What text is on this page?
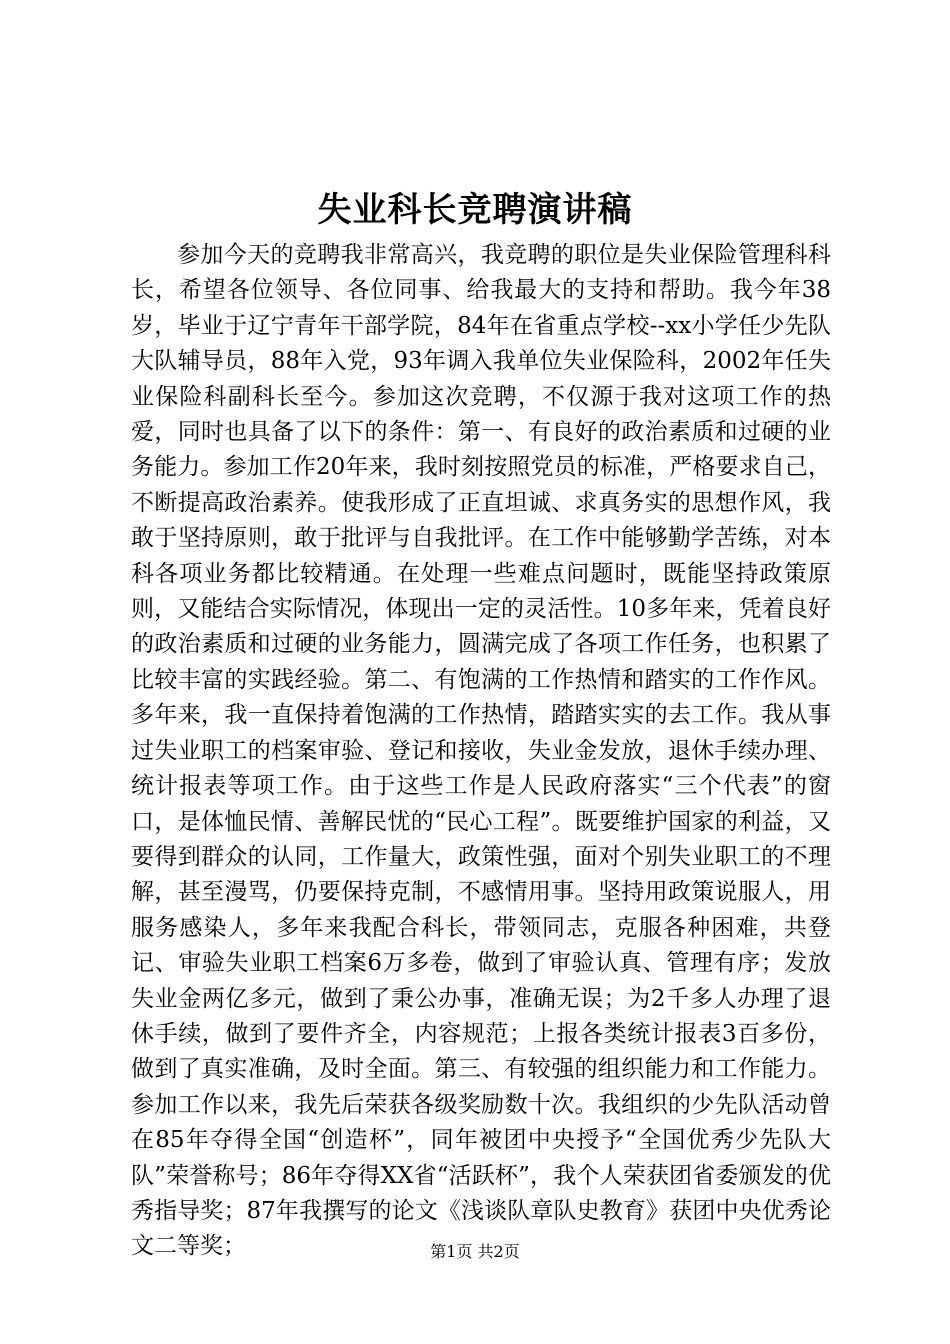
失业科长竞聘演讲稿

参加今天的竞聘我非常高兴，我竞聘的职位是失业保险管理科科长，希望各位领导、各位同事、给我最大的支持和帮助。我今年38岁，毕业于辽宁青年干部学院，84年在省重点学校--xx小学任少先队大队辅导员，88年入党，93年调入我单位失业保险科，2002年任失业保险科副科长至今。参加这次竞聘，不仅源于我对这项工作的热爱，同时也具备了以下的条件：第一、有良好的政治素质和过硬的业务能力。参加工作20年来，我时刻按照党员的标准，严格要求自己，不断提高政治素养。使我形成了正直坦诚、求真务实的思想作风，我敢于坚持原则，敢于批评与自我批评。在工作中能够勤学苦练，对本科各项业务都比较精通。在处理一些难点问题时，既能坚持政策原则，又能结合实际情况，体现出一定的灵活性。10多年来，凭着良好的政治素质和过硬的业务能力，圆满完成了各项工作任务，也积累了比较丰富的实践经验。第二、有饱满的工作热情和踏实的工作作风。多年来，我一直保持着饱满的工作热情，踏踏实实的去工作。我从事过失业职工的档案审验、登记和接收，失业金发放，退休手续办理、统计报表等项工作。由于这些工作是人民政府落实“三个代表”的窗口，是体恤民情、善解民忧的“民心工程”。既要维护国家的利益，又要得到群众的认同，工作量大，政策性强，面对个别失业职工的不理解，甚至漫骂，仍要保持克制，不感情用事。坚持用政策说服人，用服务感染人，多年来我配合科长，带领同志，克服各种困难，共登记、审验失业职工档案6万多卷，做到了审验认真、管理有序；发放失业金两亿多元，做到了秉公办事，准确无误；为2千多人办理了退休手续，做到了要件齐全，内容规范；上报各类统计报表3百多份，做到了真实准确，及时全面。第三、有较强的组织能力和工作能力。参加工作以来，我先后荣获各级奖励数十次。我组织的少先队活动曾在85年夺得全国“创造杯”，同年被团中央授予“全国优秀少先队大队”荣誉称号；86年夺得XX省“活跃杯”，我个人荣获团省委颁发的优秀指导奖；87年我撰写的论文《浅谈队章队史教育》获团中央优秀论文二等奖；	第1页 共2页
